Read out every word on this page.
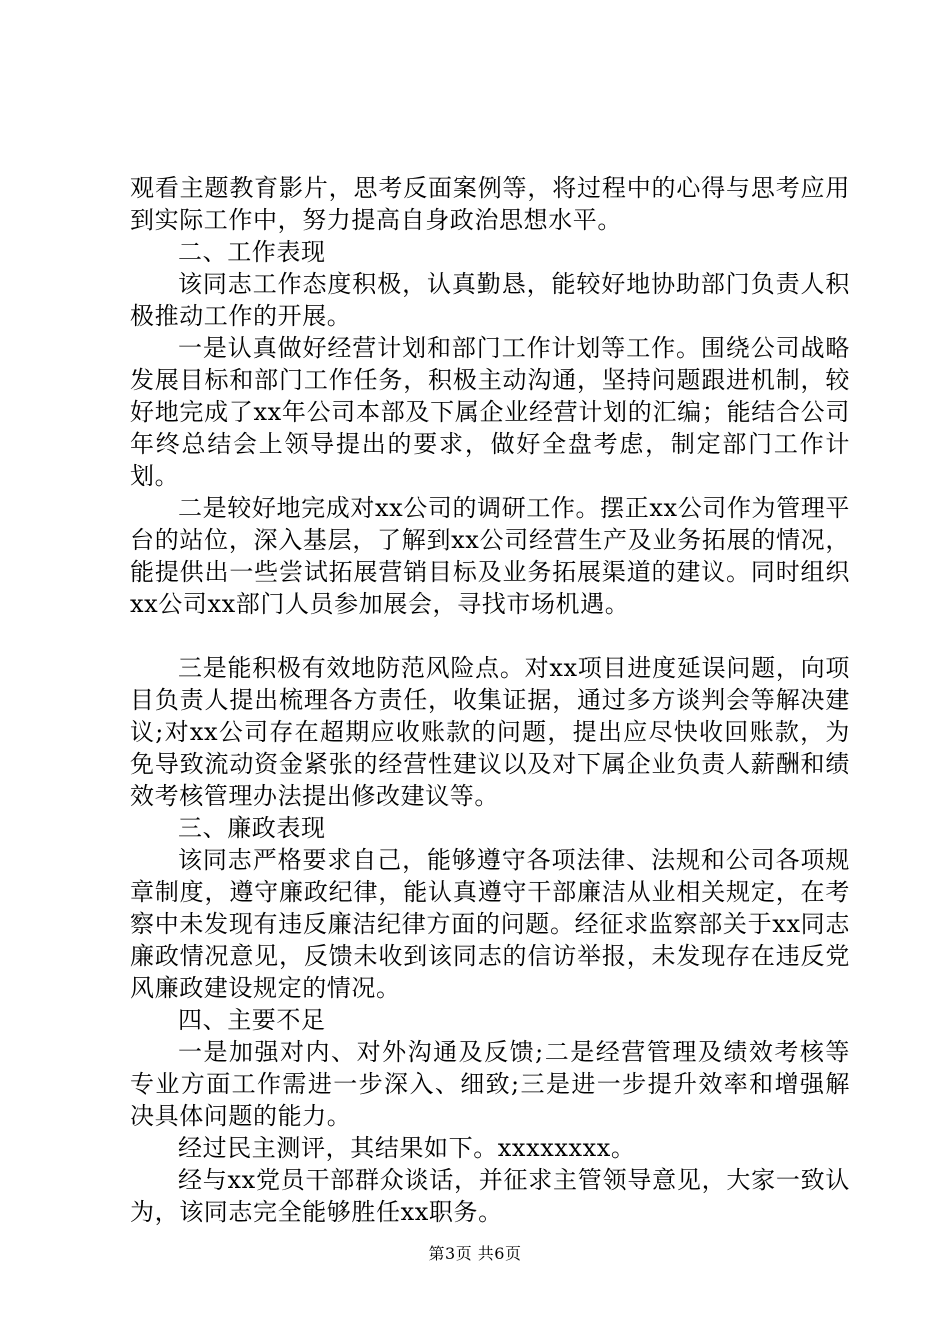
观看主题教育影片，思考反面案例等，将过程中的心得与思考应用到实际工作中，努力提高自身政治思想水平。

二、工作表现

该同志工作态度积极，认真勤恳，能较好地协助部门负责人积极推动工作的开展。

一是认真做好经营计划和部门工作计划等工作。围绕公司战略发展目标和部门工作任务，积极主动沟通，坚持问题跟进机制，较好地完成了xx年公司本部及下属企业经营计划的汇编；能结合公司年终总结会上领导提出的要求，做好全盘考虑，制定部门工作计划。

二是较好地完成对xx公司的调研工作。摆正xx公司作为管理平台的站位，深入基层，了解到xx公司经营生产及业务拓展的情况，能提供出一些尝试拓展营销目标及业务拓展渠道的建议。同时组织xx公司xx部门人员参加展会，寻找市场机遇。

三是能积极有效地防范风险点。对xx项目进度延误问题，向项目负责人提出梳理各方责任，收集证据，通过多方谈判会等解决建议;对xx公司存在超期应收账款的问题，提出应尽快收回账款，为免导致流动资金紧张的经营性建议以及对下属企业负责人薪酬和绩效考核管理办法提出修改建议等。

三、廉政表现

该同志严格要求自己，能够遵守各项法律、法规和公司各项规章制度，遵守廉政纪律，能认真遵守干部廉洁从业相关规定，在考察中未发现有违反廉洁纪律方面的问题。经征求监察部关于xx同志廉政情况意见，反馈未收到该同志的信访举报，未发现存在违反党风廉政建设规定的情况。

四、主要不足

一是加强对内、对外沟通及反馈;二是经营管理及绩效考核等专业方面工作需进一步深入、细致;三是进一步提升效率和增强解决具体问题的能力。

经过民主测评，其结果如下。xxxxxxxx。

经与xx党员干部群众谈话，并征求主管领导意见，大家一致认为，该同志完全能够胜任xx职务。

第3页 共6页
